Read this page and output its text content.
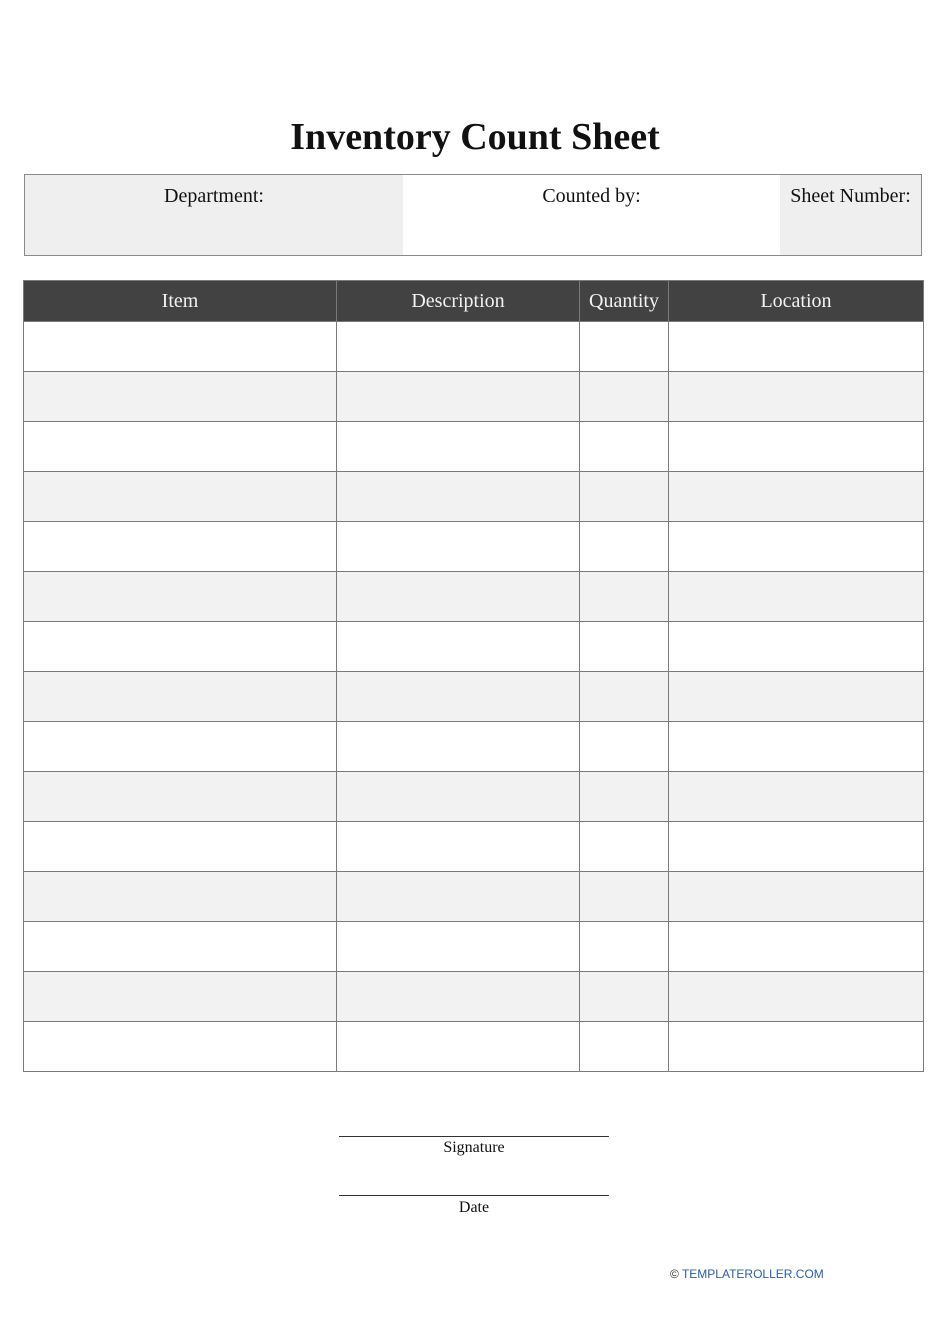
Inventory Count Sheet
Department:	Counted by:	Sheet Number:
Item	Description	Quantity	Location

Signature
Date
© TEMPLATEROLLER.COM
